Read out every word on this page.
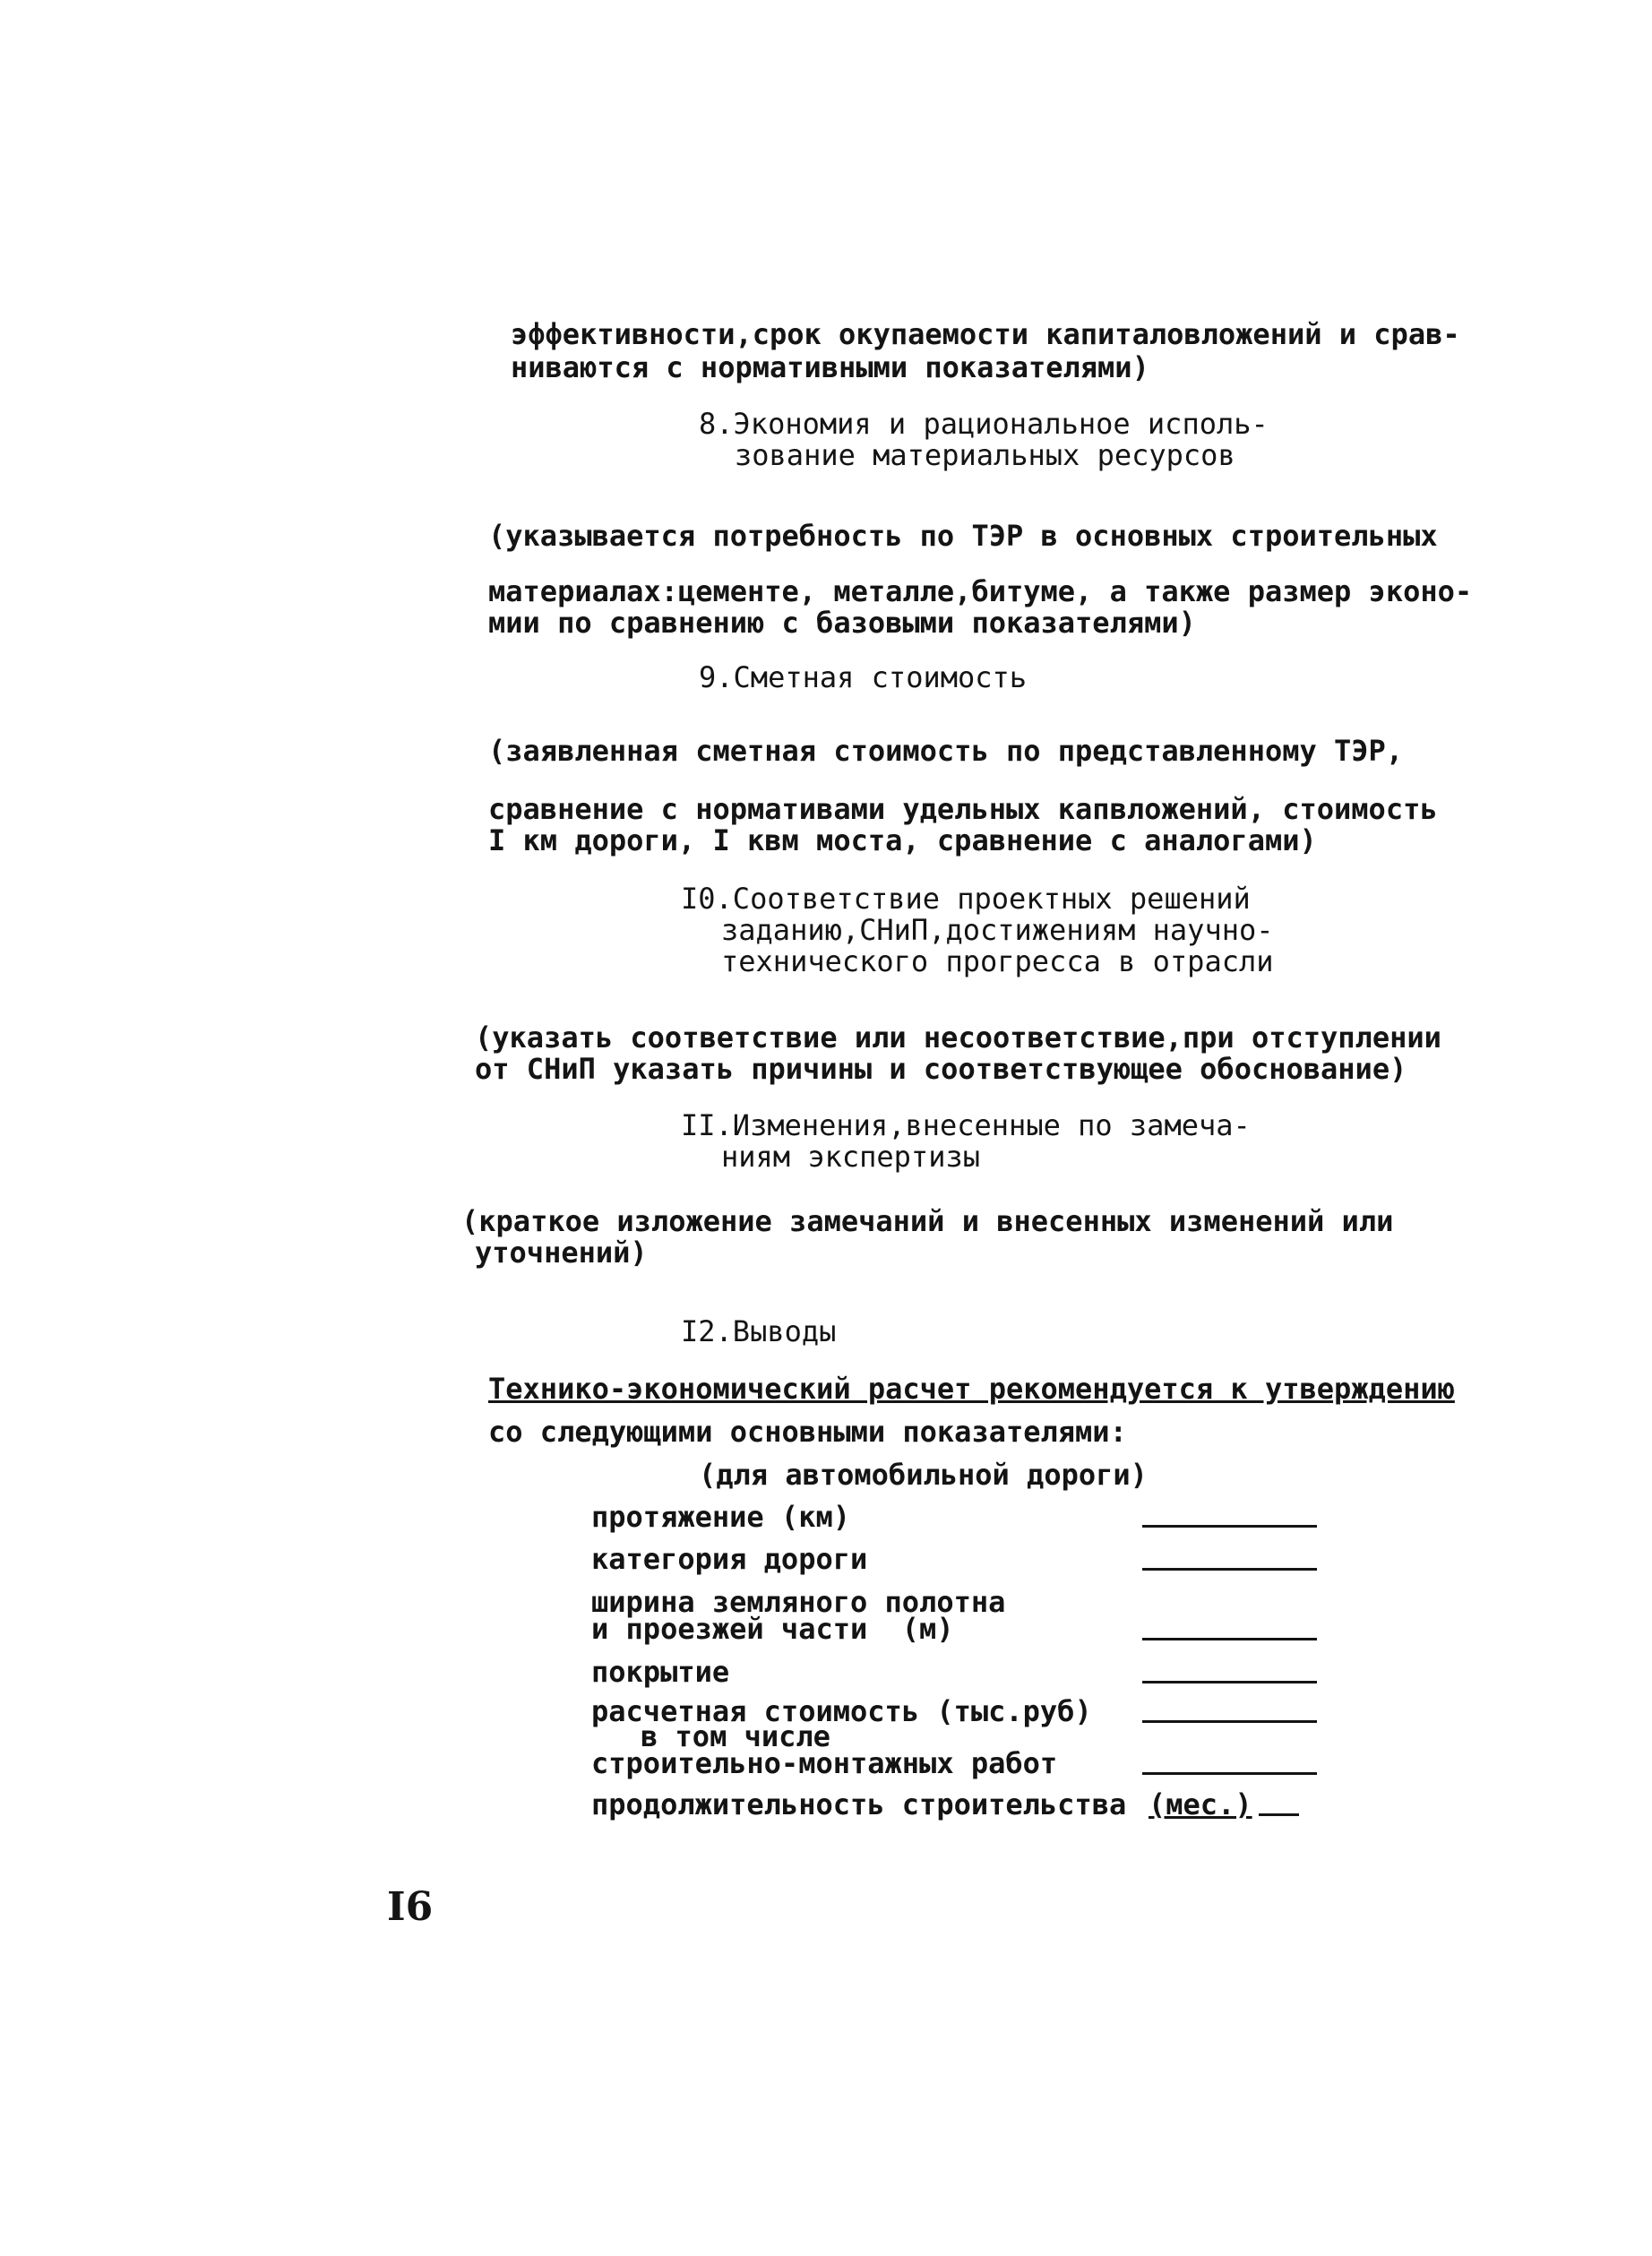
эффективности,срок окупаемости капиталовложений и срав-
ниваются с нормативными показателями)
8.Экономия и рациональное исполь-
зование материальных ресурсов
(указывается потребность по ТЭР в основных строительных
материалах:цементе, металле,битуме, а также размер эконо-
мии по сравнению с базовыми показателями)
9.Сметная стоимость
(заявленная сметная стоимость по представленному ТЭР,
сравнение с нормативами удельных капвложений, стоимость
I км дороги, I квм моста, сравнение с аналогами)
I0.Соответствие проектных решений
заданию,СНиП,достижениям научно-
технического прогресса в отрасли
(указать соответствие или несоответствие,при отступлении
от СНиП указать причины и соответствующее обоснование)
II.Изменения,внесенные по замеча-
ниям экспертизы
(краткое изложение замечаний и внесенных изменений или
уточнений)
I2.Выводы
Технико-экономический расчет рекомендуется к утверждению
со следующими основными показателями:
(для автомобильной дороги)
протяжение (км)
категория дороги
ширина земляного полотна
и проезжей части  (м)
покрытие
расчетная стоимость (тыс.руб)
в том числе
строительно-монтажных работ
продолжительность строительства (мес.)
I6
